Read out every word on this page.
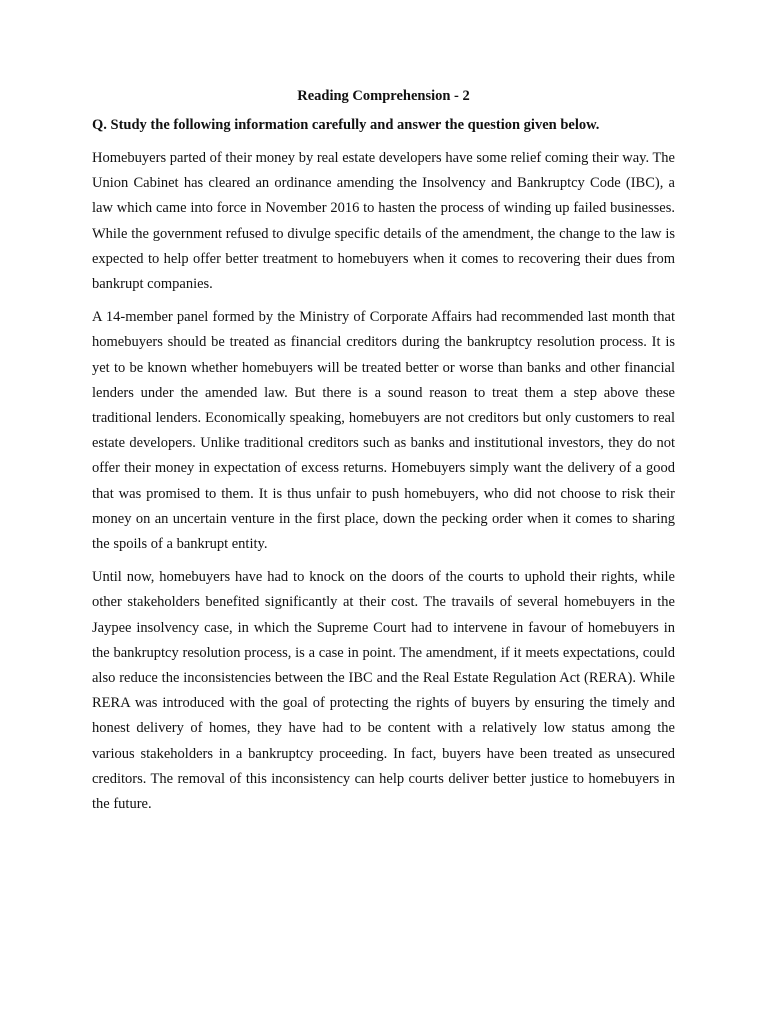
Reading Comprehension - 2
Q. Study the following information carefully and answer the question given below.

Homebuyers parted of their money by real estate developers have some relief coming their way. The Union Cabinet has cleared an ordinance amending the Insolvency and Bankruptcy Code (IBC), a law which came into force in November 2016 to hasten the process of winding up failed businesses. While the government refused to divulge specific details of the amendment, the change to the law is expected to help offer better treatment to homebuyers when it comes to recovering their dues from bankrupt companies.

A 14-member panel formed by the Ministry of Corporate Affairs had recommended last month that homebuyers should be treated as financial creditors during the bankruptcy resolution process. It is yet to be known whether homebuyers will be treated better or worse than banks and other financial lenders under the amended law. But there is a sound reason to treat them a step above these traditional lenders. Economically speaking, homebuyers are not creditors but only customers to real estate developers. Unlike traditional creditors such as banks and institutional investors, they do not offer their money in expectation of excess returns. Homebuyers simply want the delivery of a good that was promised to them. It is thus unfair to push homebuyers, who did not choose to risk their money on an uncertain venture in the first place, down the pecking order when it comes to sharing the spoils of a bankrupt entity.

Until now, homebuyers have had to knock on the doors of the courts to uphold their rights, while other stakeholders benefited significantly at their cost. The travails of several homebuyers in the Jaypee insolvency case, in which the Supreme Court had to intervene in favour of homebuyers in the bankruptcy resolution process, is a case in point. The amendment, if it meets expectations, could also reduce the inconsistencies between the IBC and the Real Estate Regulation Act (RERA). While RERA was introduced with the goal of protecting the rights of buyers by ensuring the timely and honest delivery of homes, they have had to be content with a relatively low status among the various stakeholders in a bankruptcy proceeding. In fact, buyers have been treated as unsecured creditors. The removal of this inconsistency can help courts deliver better justice to homebuyers in the future.
